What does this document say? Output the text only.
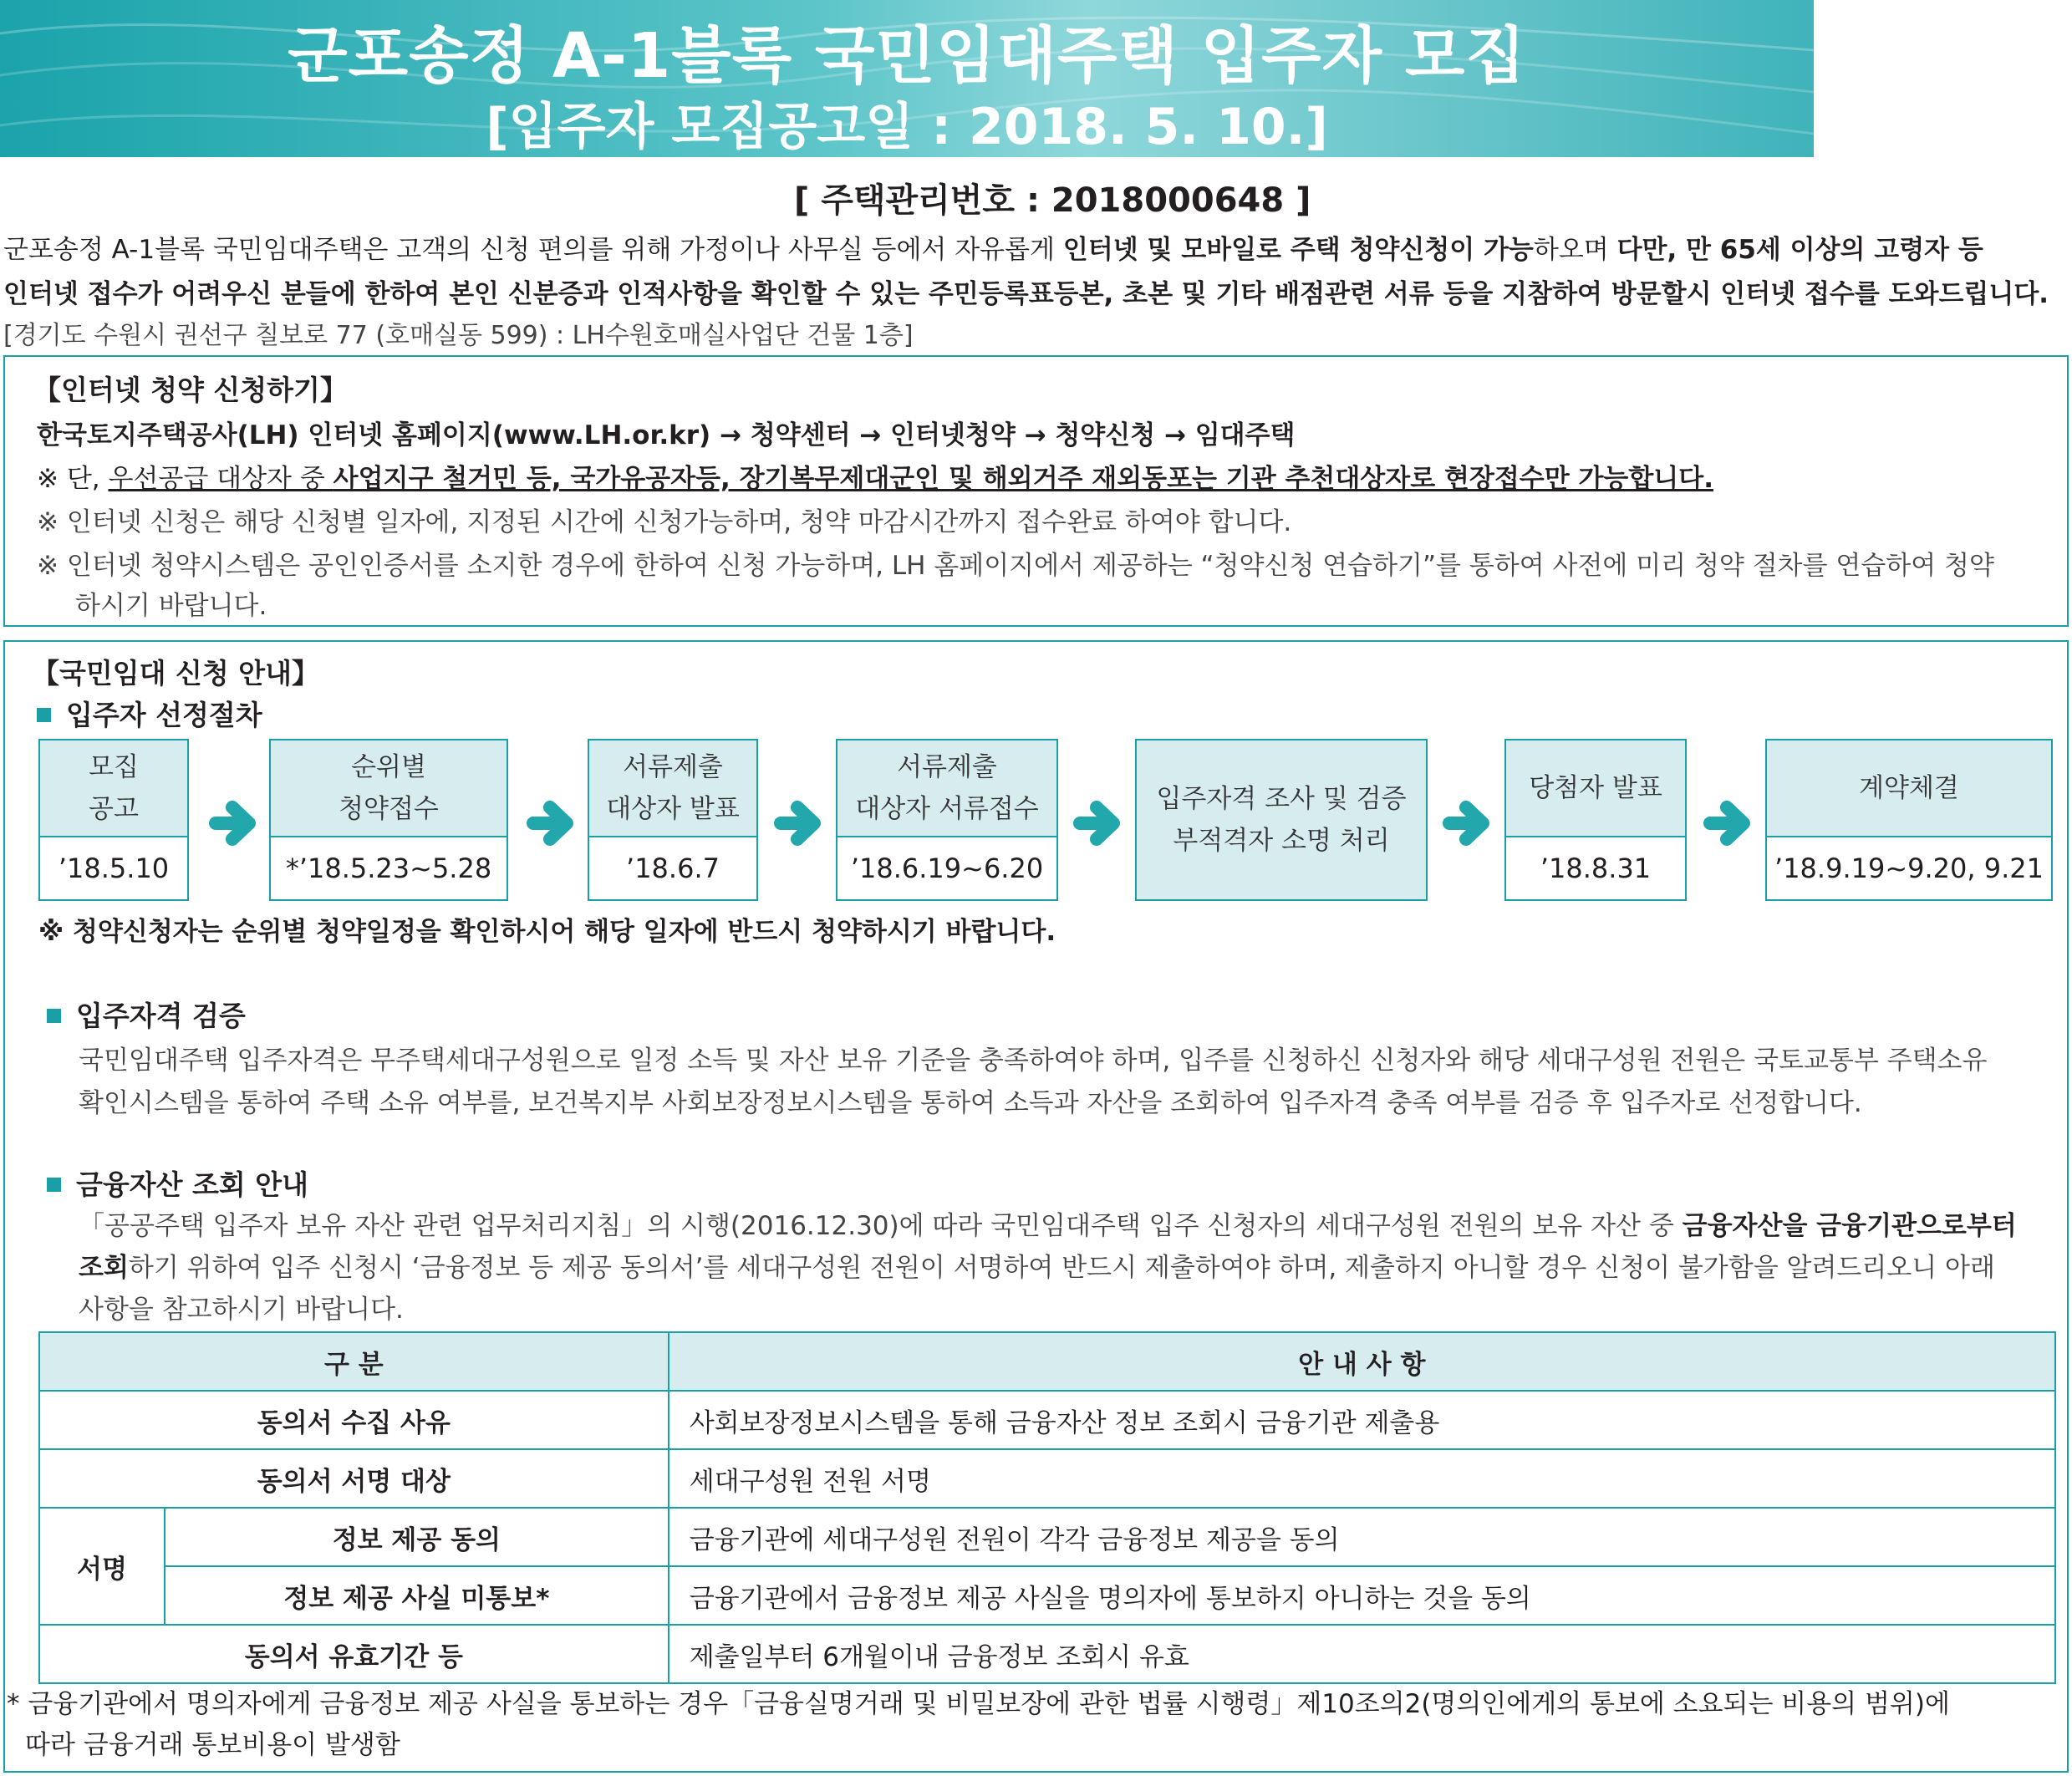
군포송정 A-1블록 국민임대주택 입주자 모집
[입주자 모집공고일 : 2018. 5. 10.]
[ 주택관리번호 : 2018000648 ]

군포송정 A-1블록 국민임대주택은 고객의 신청 편의를 위해 가정이나 사무실 등에서 자유롭게 인터넷 및 모바일로 주택 청약신청이 가능하오며 다만, 만 65세 이상의 고령자 등

인터넷 접수가 어려우신 분들에 한하여 본인 신분증과 인적사항을 확인할 수 있는 주민등록표등본, 초본 및 기타 배점관련 서류 등을 지참하여 방문할시 인터넷 접수를 도와드립니다.

[경기도 수원시 권선구 칠보로 77 (호매실동 599) : LH수원호매실사업단 건물 1층]
【인터넷 청약 신청하기】
한국토지주택공사(LH) 인터넷 홈페이지(www.LH.or.kr) → 청약센터 → 인터넷청약 → 청약신청 → 임대주택
※ 단, 우선공급 대상자 중 사업지구 철거민 등, 국가유공자등, 장기복무제대군인 및 해외거주 재외동포는 기관 추천대상자로 현장접수만 가능합니다.
※ 인터넷 신청은 해당 신청별 일자에, 지정된 시간에 신청가능하며, 청약 마감시간까지 접수완료 하여야 합니다.
※ 인터넷 청약시스템은 공인인증서를 소지한 경우에 한하여 신청 가능하며, LH 홈페이지에서 제공하는 “청약신청 연습하기”를 통하여 사전에 미리 청약 절차를 연습하여 청약
하시기 바랍니다.
【국민임대 신청 안내】
입주자 선정절차
모집
공고
’18.5.10
순위별
청약접수
*’18.5.23~5.28
서류제출
대상자 발표
’18.6.7
서류제출
대상자 서류접수
’18.6.19~6.20
입주자격 조사 및 검증
부적격자 소명 처리
당첨자 발표
’18.8.31
계약체결
’18.9.19~9.20, 9.21
※ 청약신청자는 순위별 청약일정을 확인하시어 해당 일자에 반드시 청약하시기 바랍니다.
입주자격 검증
국민임대주택 입주자격은 무주택세대구성원으로 일정 소득 및 자산 보유 기준을 충족하여야 하며, 입주를 신청하신 신청자와 해당 세대구성원 전원은 국토교통부 주택소유
확인시스템을 통하여 주택 소유 여부를, 보건복지부 사회보장정보시스템을 통하여 소득과 자산을 조회하여 입주자격 충족 여부를 검증 후 입주자로 선정합니다.
금융자산 조회 안내
「공공주택 입주자 보유 자산 관련 업무처리지침」의 시행(2016.12.30)에 따라 국민임대주택 입주 신청자의 세대구성원 전원의 보유 자산 중 금융자산을 금융기관으로부터
조회하기 위하여 입주 신청시 ‘금융정보 등 제공 동의서’를 세대구성원 전원이 서명하여 반드시 제출하여야 하며, 제출하지 아니할 경우 신청이 불가함을 알려드리오니 아래
사항을 참고하시기 바랍니다.
구 분		안 내 사 항
동의서 수집 사유		사회보장정보시스템을 통해 금융자산 정보 조회시 금융기관 제출용
동의서 서명 대상		세대구성원 전원 서명
서명	정보 제공 동의	금융기관에 세대구성원 전원이 각각 금융정보 제공을 동의
	정보 제공 사실 미통보*	금융기관에서 금융정보 제공 사실을 명의자에 통보하지 아니하는 것을 동의
동의서 유효기간 등		제출일부터 6개월이내 금융정보 조회시 유효
* 금융기관에서 명의자에게 금융정보 제공 사실을 통보하는 경우「금융실명거래 및 비밀보장에 관한 법률 시행령」제10조의2(명의인에게의 통보에 소요되는 비용의 범위)에
따라 금융거래 통보비용이 발생함
